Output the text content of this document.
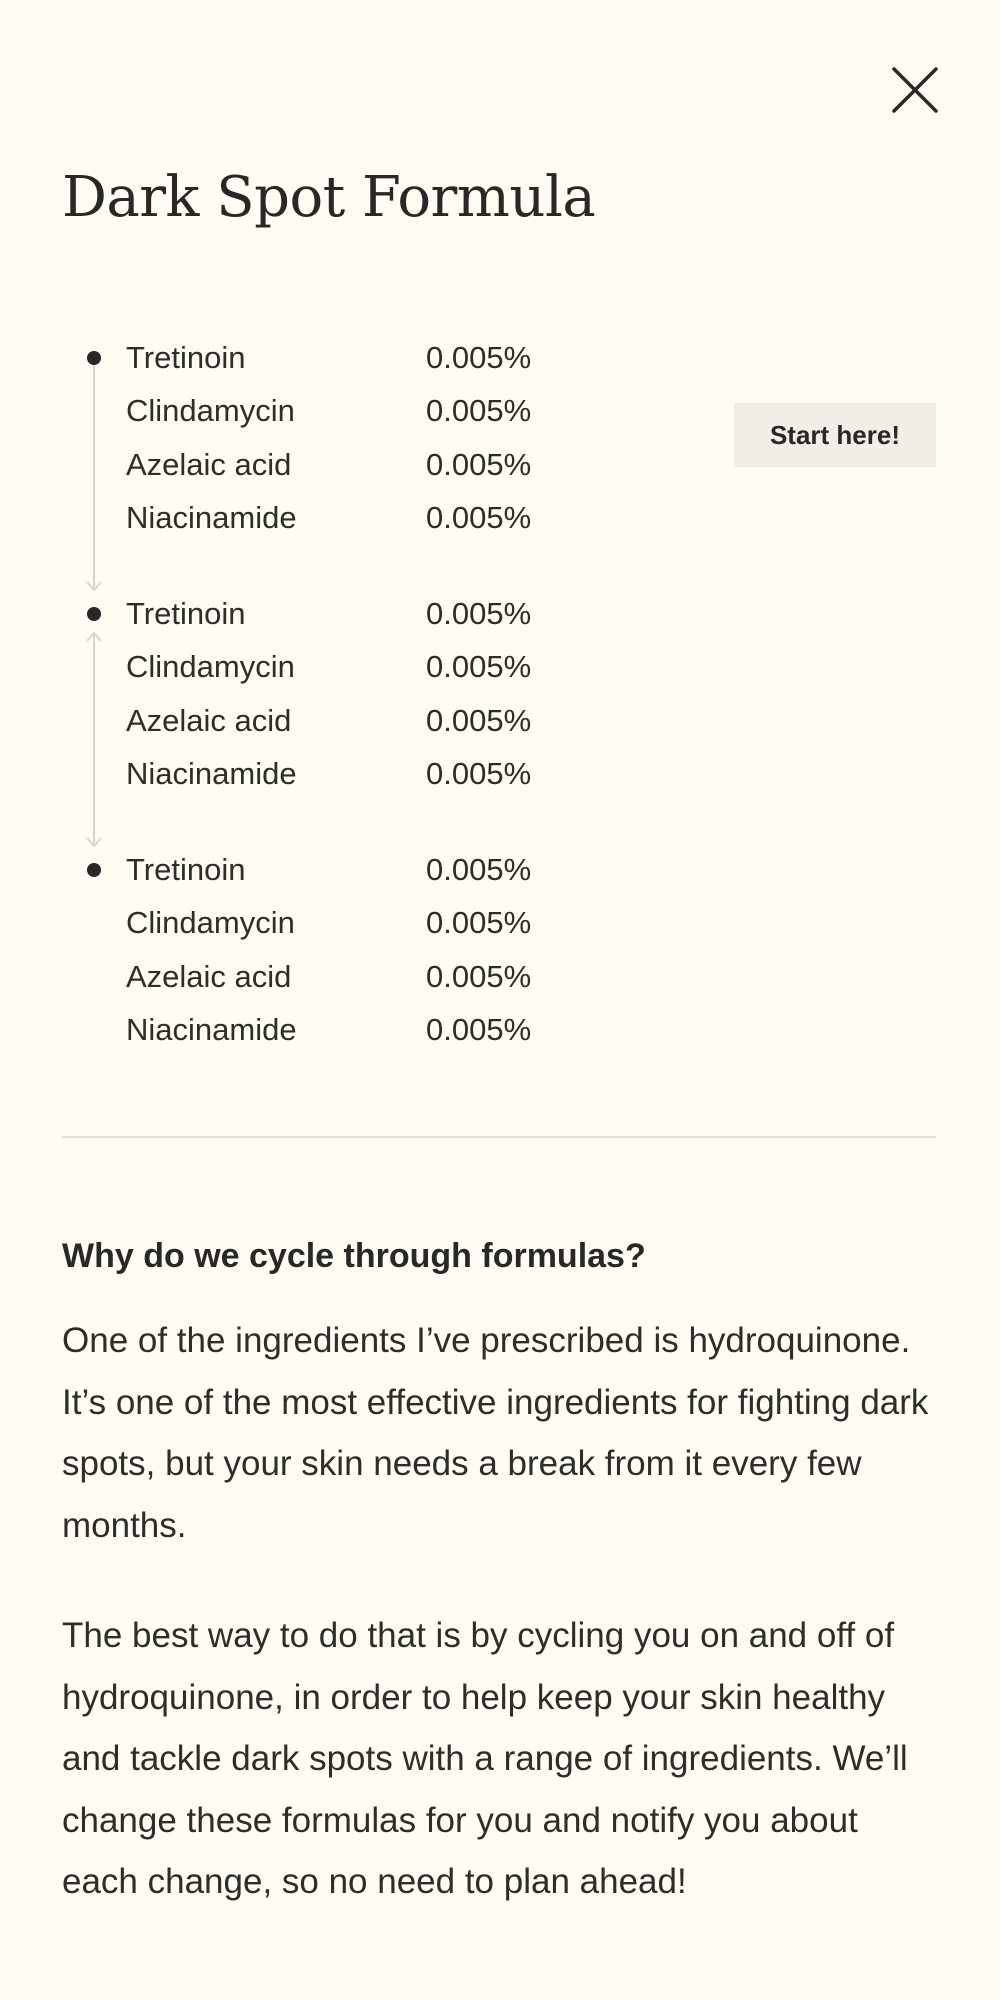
Dark Spot Formula
Tretinoin	0.005%
Clindamycin	0.005%
Azelaic acid	0.005%
Niacinamide	0.005%
Tretinoin	0.005%
Clindamycin	0.005%
Azelaic acid	0.005%
Niacinamide	0.005%
Tretinoin	0.005%
Clindamycin	0.005%
Azelaic acid	0.005%
Niacinamide	0.005%
Start here!
Why do we cycle through formulas?

One of the ingredients I’ve prescribed is hydroquinone. It’s one of the most effective ingredients for fighting dark spots, but your skin needs a break from it every few months.

The best way to do that is by cycling you on and off of hydroquinone, in order to help keep your skin healthy and tackle dark spots with a range of ingredients. We’ll change these formulas for you and notify you about each change, so no need to plan ahead!
